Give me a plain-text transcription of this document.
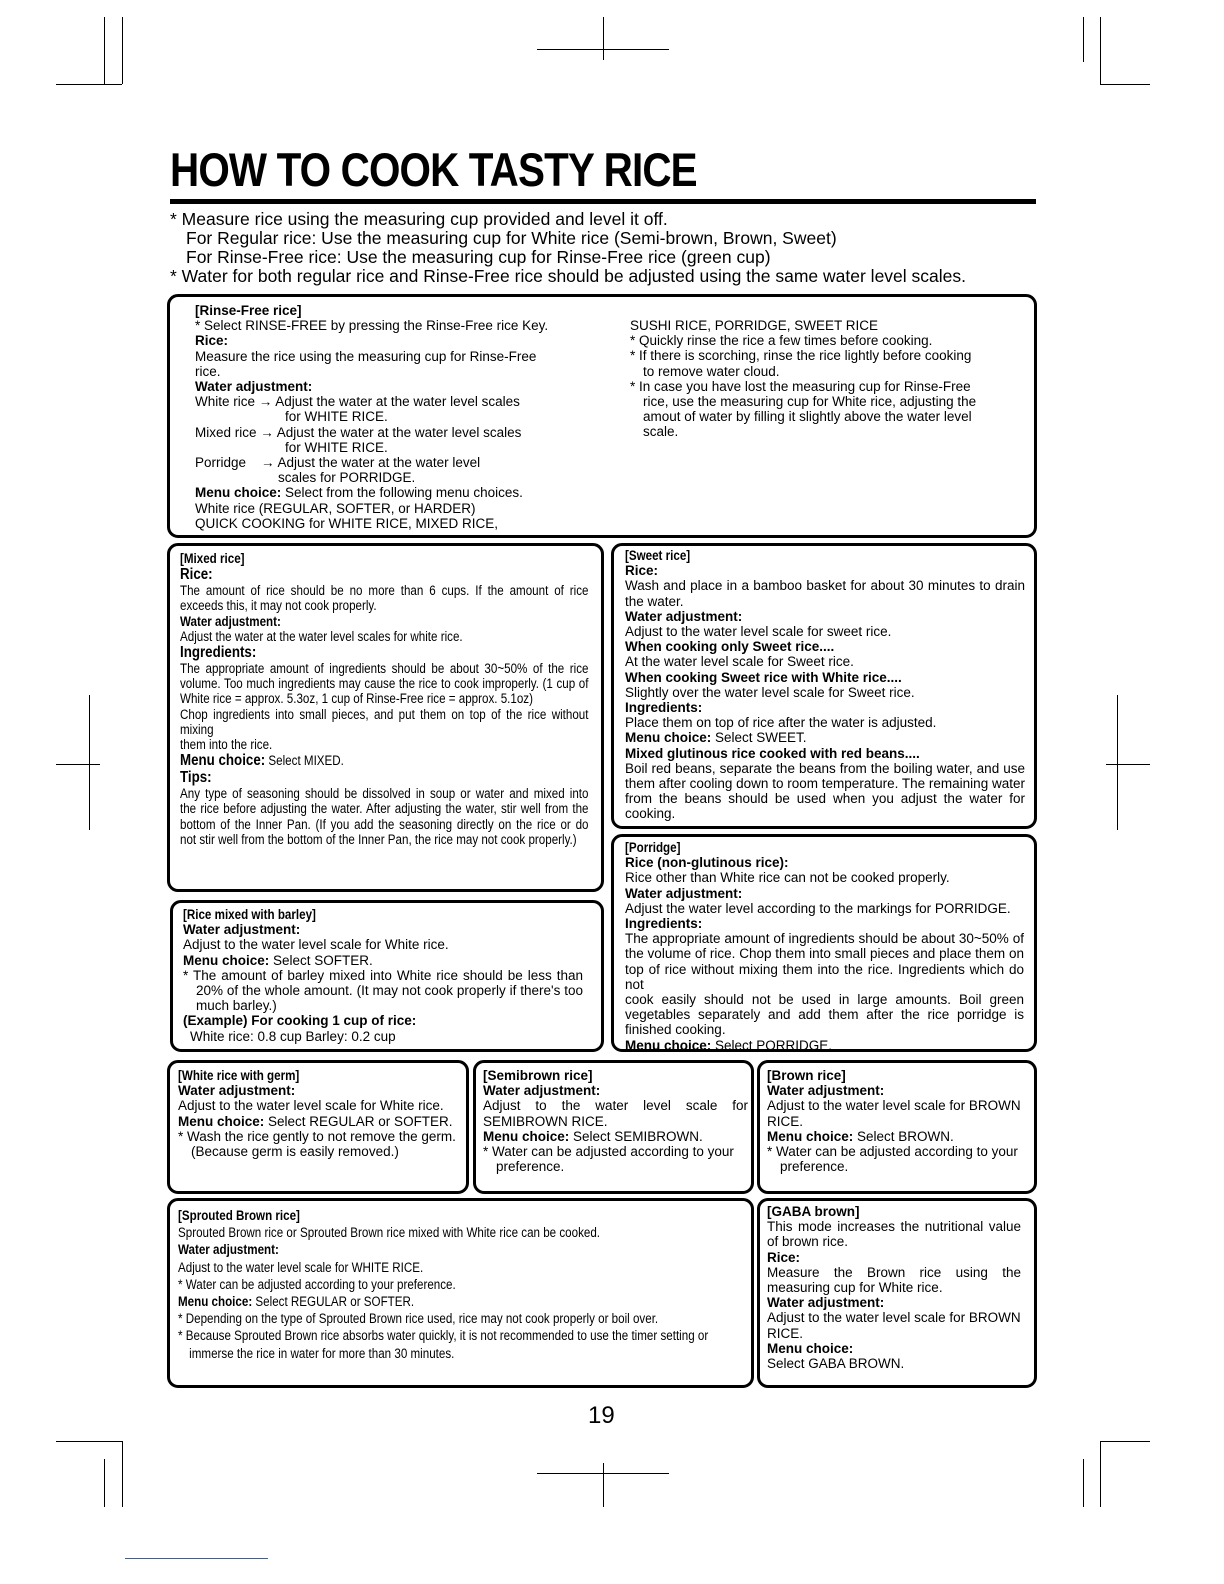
HOW TO COOK TASTY RICE
* Measure rice using the measuring cup provided and level it off.
For Regular rice: Use the measuring cup for White rice (Semi-brown, Brown, Sweet)
For Rinse-Free rice: Use the measuring cup for Rinse-Free rice (green cup)
* Water for both regular rice and Rinse-Free rice should be adjusted using the same water level scales.
[Rinse-Free rice]
* Select RINSE-FREE by pressing the Rinse-Free rice Key.
Rice:
Measure the rice using the measuring cup for Rinse-Free
rice.
Water adjustment:
White rice → Adjust the water at the water level scales
for WHITE RICE.
Mixed rice → Adjust the water at the water level scales
for WHITE RICE.
Porridge    → Adjust the water at the water level
scales for PORRIDGE.
Menu choice: Select from the following menu choices.
White rice (REGULAR, SOFTER, or HARDER)
QUICK COOKING for WHITE RICE, MIXED RICE,
SUSHI RICE, PORRIDGE, SWEET RICE
* Quickly rinse the rice a few times before cooking.
* If there is scorching, rinse the rice lightly before cooking
to remove water cloud.
* In case you have lost the measuring cup for Rinse-Free
rice, use the measuring cup for White rice, adjusting the
amout of water by filling it slightly above the water level
scale.
[Mixed rice]
Rice:
The amount of rice should be no more than 6 cups. If the amount of rice
exceeds this, it may not cook properly.
Water adjustment:
Adjust the water at the water level scales for white rice.
Ingredients:
The appropriate amount of ingredients should be about 30~50% of the rice
volume. Too much ingredients may cause the rice to cook improperly. (1 cup of
White rice = approx. 5.3oz, 1 cup of Rinse-Free rice = approx. 5.1oz)
Chop ingredients into small pieces, and put them on top of the rice without mixing
them into the rice.
Menu choice: Select MIXED.
Tips:
Any type of seasoning should be dissolved in soup or water and mixed into
the rice before adjusting the water. After adjusting the water, stir well from the
bottom of the Inner Pan. (If you add the seasoning directly on the rice or do
not stir well from the bottom of the Inner Pan, the rice may not cook properly.)
[Sweet rice]
Rice:
Wash and place in a bamboo basket for about 30 minutes to drain
the water.
Water adjustment:
Adjust to the water level scale for sweet rice.
When cooking only Sweet rice....
At the water level scale for Sweet rice.
When cooking Sweet rice with White rice....
Slightly over the water level scale for Sweet rice.
Ingredients:
Place them on top of rice after the water is adjusted.
Menu choice: Select SWEET.
Mixed glutinous rice cooked with red beans....
Boil red beans, separate the beans from the boiling water, and use
them after cooling down to room temperature. The remaining water
from the beans should be used when you adjust the water for
cooking.
[Rice mixed with barley]
Water adjustment:
Adjust to the water level scale for White rice.
Menu choice: Select SOFTER.
* The amount of barley mixed into White rice should be less than
20% of the whole amount. (It may not cook properly if there's too
much barley.)
(Example) For cooking 1 cup of rice:
White rice: 0.8 cup Barley: 0.2 cup
[Porridge]
Rice (non-glutinous rice):
Rice other than White rice can not be cooked properly.
Water adjustment:
Adjust the water level according to the markings for PORRIDGE.
Ingredients:
The appropriate amount of ingredients should be about 30~50% of
the volume of rice. Chop them into small pieces and place them on
top of rice without mixing them into the rice. Ingredients which do not
cook easily should not be used in large amounts. Boil green
vegetables separately and add them after the rice porridge is
finished cooking.
Menu choice: Select PORRIDGE.
[White rice with germ]
Water adjustment:
Adjust to the water level scale for White rice.
Menu choice: Select REGULAR or SOFTER.
* Wash the rice gently to not remove the germ.
(Because germ is easily removed.)
[Semibrown rice]
Water adjustment:
Adjust to the water level scale for
SEMIBROWN RICE.
Menu choice: Select SEMIBROWN.
* Water can be adjusted according to your
preference.
[Brown rice]
Water adjustment:
Adjust to the water level scale for BROWN
RICE.
Menu choice: Select BROWN.
* Water can be adjusted according to your
preference.
[Sprouted Brown rice]
Sprouted Brown rice or Sprouted Brown rice mixed with White rice can be cooked.
Water adjustment:
Adjust to the water level scale for WHITE RICE.
* Water can be adjusted according to your preference.
Menu choice: Select REGULAR or SOFTER.
* Depending on the type of Sprouted Brown rice used, rice may not cook properly or boil over.
* Because Sprouted Brown rice absorbs water quickly, it is not recommended to use the timer setting or
immerse the rice in water for more than 30 minutes.
[GABA brown]
This mode increases the nutritional value
of brown rice.
Rice:
Measure the Brown rice using the
measuring cup for White rice.
Water adjustment:
Adjust to the water level scale for BROWN
RICE.
Menu choice:
Select GABA BROWN.
19
